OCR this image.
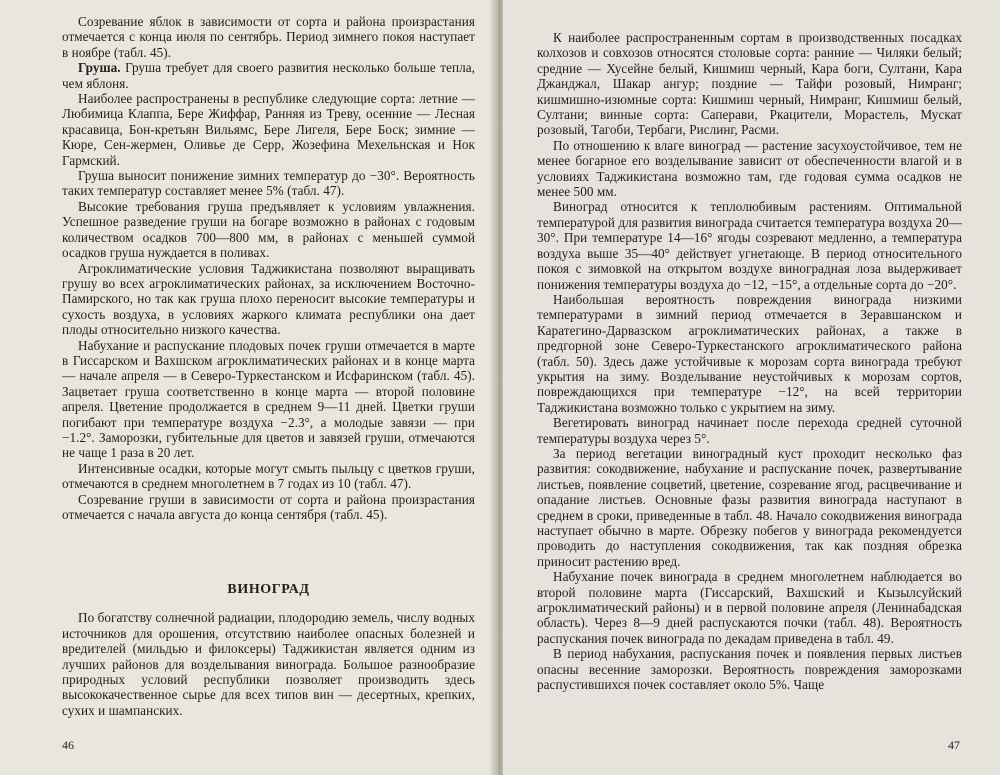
Созревание яблок в зависимости от сорта и района произрастания отмечается с конца июля по сентябрь. Период зимнего покоя наступает в ноябре (табл. 45).

Груша. Груша требует для своего развития несколько больше тепла, чем яблоня.

Наиболее распространены в республике следующие сорта: летние — Любимица Клаппа, Бере Жиффар, Ранняя из Треву, осенние — Лесная красавица, Бон-кретьян Вильямс, Бере Лигеля, Бере Боск; зимние — Кюре, Сен-жермен, Оливье де Серр, Жозефина Мехельнская и Нок Гармский.

Груша выносит понижение зимних температур до −30°. Вероятность таких температур составляет менее 5% (табл. 47).

Высокие требования груша предъявляет к условиям увлажнения. Успешное разведение груши на богаре возможно в районах с годовым количеством осадков 700—800 мм, в районах с меньшей суммой осадков груша нуждается в поливах.

Агроклиматические условия Таджикистана позволяют выращивать грушу во всех агроклиматических районах, за исключением Восточно-Памирского, но так как груша плохо переносит высокие температуры и сухость воздуха, в условиях жаркого климата республики она дает плоды относительно низкого качества.

Набухание и распускание плодовых почек груши отмечается в марте в Гиссарском и Вахшском агроклиматических районах и в конце марта — начале апреля — в Северо-Туркестанском и Исфаринском (табл. 45). Зацветает груша соответственно в конце марта — второй половине апреля. Цветение продолжается в среднем 9—11 дней. Цветки груши погибают при температуре воздуха −2.3°, а молодые завязи — при −1.2°. Заморозки, губительные для цветов и завязей груши, отмечаются не чаще 1 раза в 20 лет.

Интенсивные осадки, которые могут смыть пыльцу с цветков груши, отмечаются в среднем многолетнем в 7 годах из 10 (табл. 47).

Созревание груши в зависимости от сорта и района произрастания отмечается с начала августа до конца сентября (табл. 45).

ВИНОГРАД

По богатству солнечной радиации, плодородию земель, числу водных источников для орошения, отсутствию наиболее опасных болезней и вредителей (мильдью и филоксеры) Таджикистан является одним из лучших районов для возделывания винограда. Большое разнообразие природных условий республики позволяет производить здесь высококачественное сырье для всех типов вин — десертных, крепких, сухих и шампанских.

46

К наиболее распространенным сортам в производственных посадках колхозов и совхозов относятся столовые сорта: ранние — Чиляки белый; средние — Хусейне белый, Кишмиш черный, Кара боги, Султани, Кара Джанджал, Шакар ангур; поздние — Тайфи розовый, Нимранг; кишмишно-изюмные сорта: Кишмиш черный, Нимранг, Кишмиш белый, Султани; винные сорта: Саперави, Ркацители, Морастель, Мускат розовый, Тагоби, Тербаги, Рислинг, Расми.

По отношению к влаге виноград — растение засухоустойчивое, тем не менее богарное его возделывание зависит от обеспеченности влагой и в условиях Таджикистана возможно там, где годовая сумма осадков не менее 500 мм.

Виноград относится к теплолюбивым растениям. Оптимальной температурой для развития винограда считается температура воздуха 20—30°. При температуре 14—16° ягоды созревают медленно, а температура воздуха выше 35—40° действует угнетающе. В период относительного покоя с зимовкой на открытом воздухе виноградная лоза выдерживает понижения температуры воздуха до −12, −15°, а отдельные сорта до −20°.

Наибольшая вероятность повреждения винограда низкими температурами в зимний период отмечается в Зеравшанском и Каратегино-Дарвазском агроклиматических районах, а также в предгорной зоне Северо-Туркестанского агроклиматического района (табл. 50). Здесь даже устойчивые к морозам сорта винограда требуют укрытия на зиму. Возделывание неустойчивых к морозам сортов, повреждающихся при температуре −12°, на всей территории Таджикистана возможно только с укрытием на зиму.

Вегетировать виноград начинает после перехода средней суточной температуры воздуха через 5°.

За период вегетации виноградный куст проходит несколько фаз развития: сокодвижение, набухание и распускание почек, развертывание листьев, появление соцветий, цветение, созревание ягод, расцвечивание и опадание листьев. Основные фазы развития винограда наступают в среднем в сроки, приведенные в табл. 48. Начало сокодвижения винограда наступает обычно в марте. Обрезку побегов у винограда рекомендуется проводить до наступления сокодвижения, так как поздняя обрезка приносит растению вред.

Набухание почек винограда в среднем многолетнем наблюдается во второй половине марта (Гиссарский, Вахшский и Кызылсуйский агроклиматический районы) и в первой половине апреля (Ленинабадская область). Через 8—9 дней распускаются почки (табл. 48). Вероятность распускания почек винограда по декадам приведена в табл. 49.

В период набухания, распускания почек и появления первых листьев опасны весенние заморозки. Вероятность повреждения заморозками распустившихся почек составляет около 5%. Чаще

47
